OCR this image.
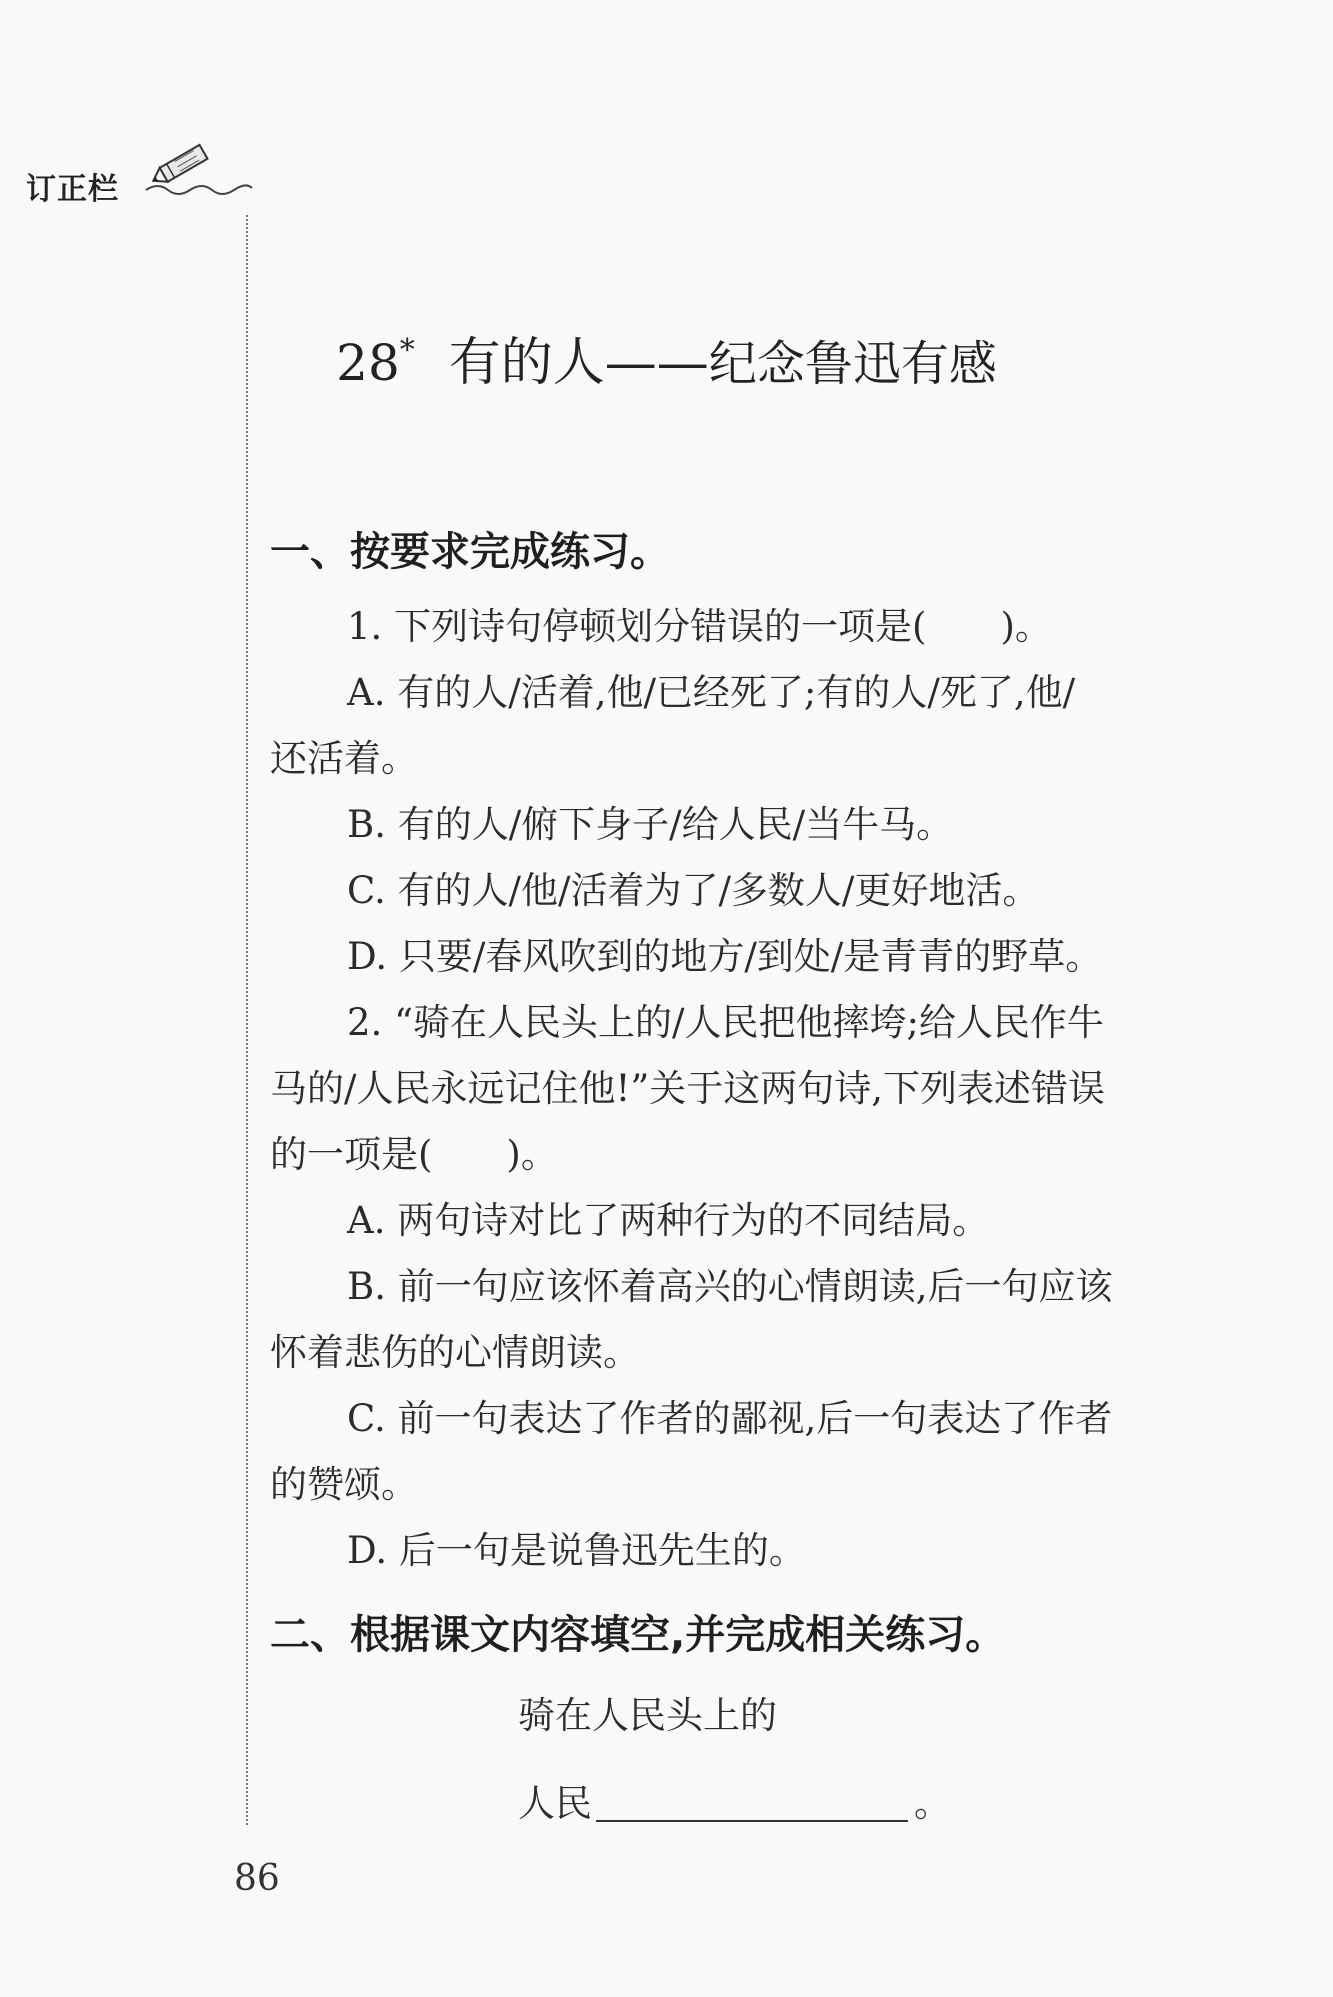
订正栏
28* 有的人——纪念鲁迅有感
一、按要求完成练习。
1. 下列诗句停顿划分错误的一项是(　　)。
A. 有的人/活着,他/已经死了;有的人/死了,他/
还活着。
B. 有的人/俯下身子/给人民/当牛马。
C. 有的人/他/活着为了/多数人/更好地活。
D. 只要/春风吹到的地方/到处/是青青的野草。
2. “骑在人民头上的/人民把他摔垮;给人民作牛
马的/人民永远记住他!”关于这两句诗,下列表述错误
的一项是(　　)。
A. 两句诗对比了两种行为的不同结局。
B. 前一句应该怀着高兴的心情朗读,后一句应该
怀着悲伤的心情朗读。
C. 前一句表达了作者的鄙视,后一句表达了作者
的赞颂。
D. 后一句是说鲁迅先生的。
二、根据课文内容填空,并完成相关练习。
骑在人民头上的
人民	。
86
